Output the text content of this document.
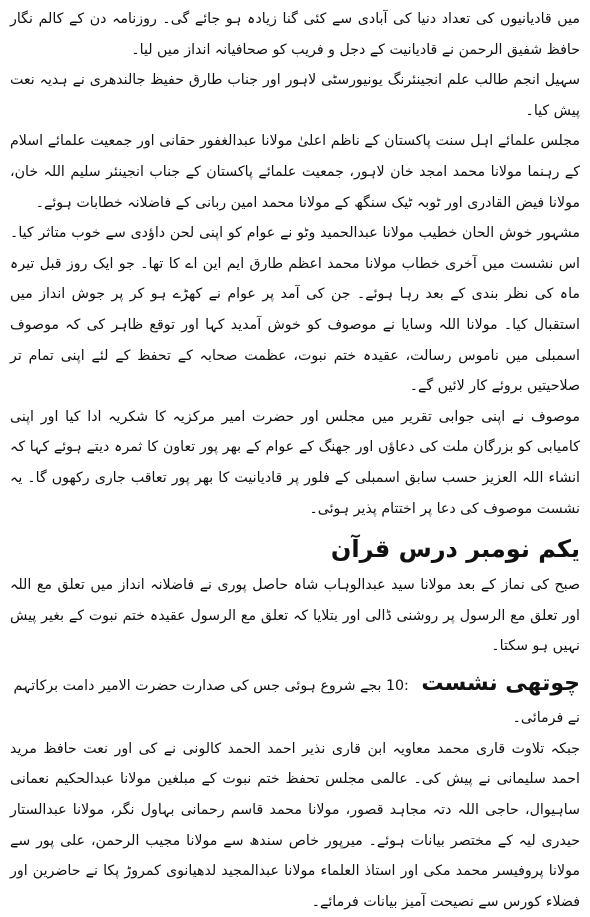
میں قادیانیوں کی تعداد دنیا کی آبادی سے کئی گنا زیادہ ہو جائے گی۔ روزنامہ دن کے کالم نگار حافظ شفیق الرحمن نے قادیانیت کے دجل و فریب کو صحافیانہ انداز میں لیا۔

سہیل انجم طالب علم انجینئرنگ یونیورسٹی لاہور اور جناب طارق حفیظ جالندھری نے ہدیہ نعت پیش کیا۔

مجلس علمائے اہل سنت پاکستان کے ناظم اعلیٰ مولانا عبدالغفور حقانی اور جمعیت علمائے اسلام کے رہنما مولانا محمد امجد خان لاہور، جمعیت علمائے پاکستان کے جناب انجینئر سلیم اللہ خان، مولانا فیض القادری اور ٹوبہ ٹیک سنگھ کے مولانا محمد امین ربانی کے فاضلانہ خطابات ہوئے۔

مشہور خوش الحان خطیب مولانا عبدالحمید وٹو نے عوام کو اپنی لحن داؤدی سے خوب متاثر کیا۔ اس نشست میں آخری خطاب مولانا محمد اعظم طارق ایم این اے کا تھا۔ جو ایک روز قبل تیرہ ماہ کی نظر بندی کے بعد رہا ہوئے۔ جن کی آمد پر عوام نے کھڑے ہو کر پر جوش انداز میں استقبال کیا۔ مولانا اللہ وسایا نے موصوف کو خوش آمدید کہا اور توقع ظاہر کی کہ موصوف اسمبلی میں ناموس رسالت، عقیدہ ختم نبوت، عظمت صحابہ کے تحفظ کے لئے اپنی تمام تر صلاحیتیں بروئے کار لائیں گے۔

موصوف نے اپنی جوابی تقریر میں مجلس اور حضرت امیر مرکزیہ کا شکریہ ادا کیا اور اپنی کامیابی کو بزرگان ملت کی دعاؤں اور جھنگ کے عوام کے بھر پور تعاون کا ثمرہ دیتے ہوئے کہا کہ انشاء اللہ العزیز حسب سابق اسمبلی کے فلور پر قادیانیت کا بھر پور تعاقب جاری رکھوں گا۔ یہ نشست موصوف کی دعا پر اختتام پذیر ہوئی۔

یکم نومبر درس قرآن

صبح کی نماز کے بعد مولانا سید عبدالوہاب شاہ حاصل پوری نے فاضلانہ انداز میں تعلق مع اللہ اور تعلق مع الرسول پر روشنی ڈالی اور بتلایا کہ تعلق مع الرسول عقیدہ ختم نبوت کے بغیر پیش نہیں ہو سکتا۔

چوتھی نشست :10 بجے شروع ہوئی جس کی صدارت حضرت الامیر دامت برکاتہم نے فرمائی۔

جبکہ تلاوت قاری محمد معاویہ ابن قاری نذیر احمد الحمد کالونی نے کی اور نعت حافظ مرید احمد سلیمانی نے پیش کی۔ عالمی مجلس تحفظ ختم نبوت کے مبلغین مولانا عبدالحکیم نعمانی ساہیوال، حاجی اللہ دتہ مجاہد قصور، مولانا محمد قاسم رحمانی بہاول نگر، مولانا عبدالستار حیدری لیہ کے مختصر بیانات ہوئے۔ میرپور خاص سندھ سے مولانا مجیب الرحمن، علی پور سے مولانا پروفیسر محمد مکی اور استاذ العلماء مولانا عبدالمجید لدھیانوی کمروڑ پکا نے حاضرین اور فضلاء کورس سے نصیحت آمیز بیانات فرمائے۔
